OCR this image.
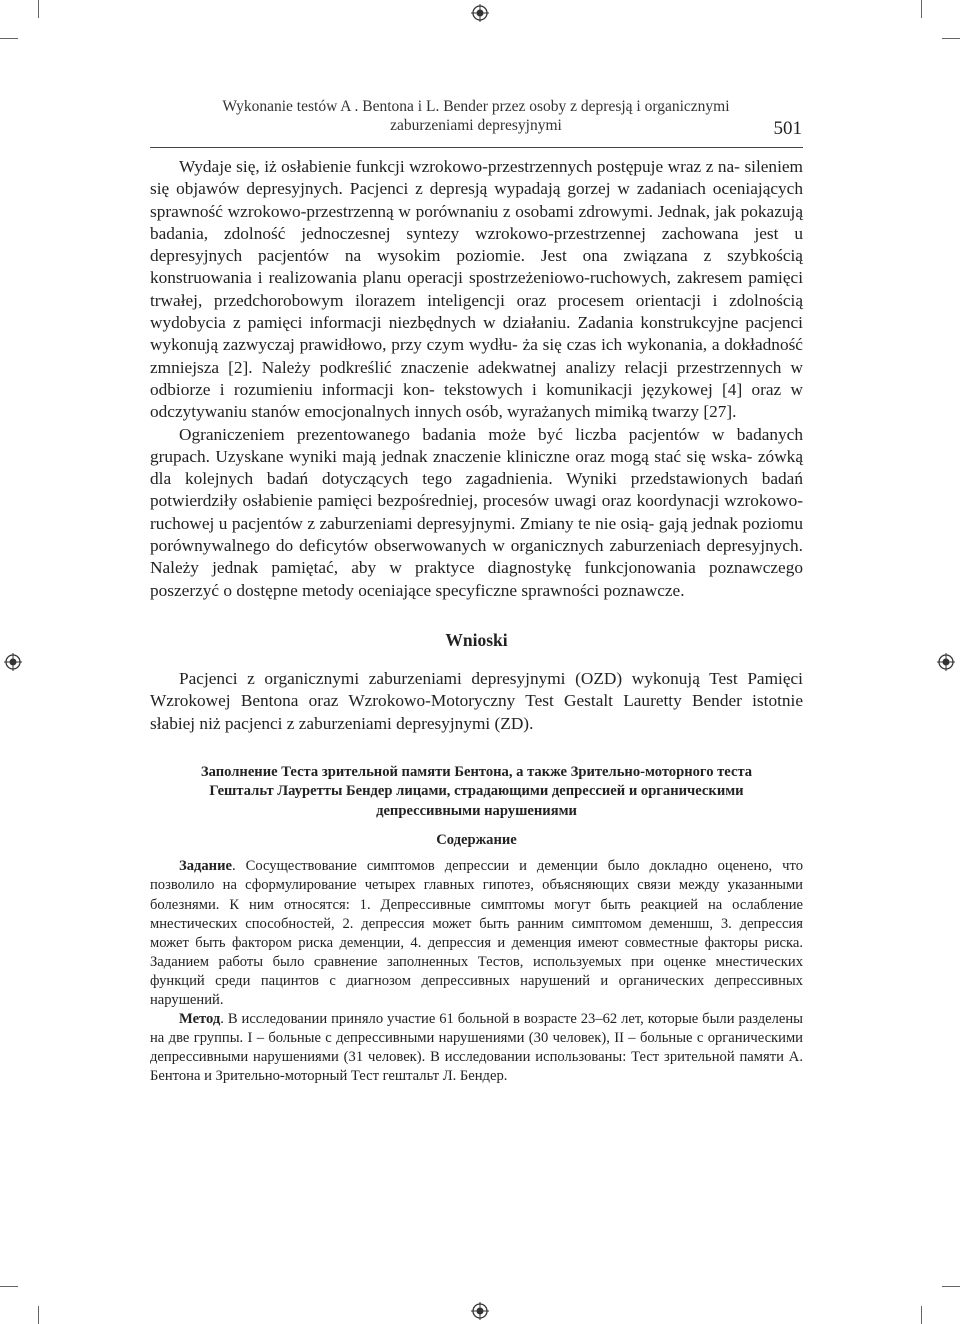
Wykonanie testów A . Bentona i L. Bender przez osoby z depresją i organicznymi
zaburzeniami depresyjnymi	501

Wydaje się, iż osłabienie funkcji wzrokowo-przestrzennych postępuje wraz z na- sileniem się objawów depresyjnych. Pacjenci z depresją wypadają gorzej w zadaniach oceniających sprawność wzrokowo-przestrzenną w porównaniu z osobami zdrowymi. Jednak, jak pokazują badania, zdolność jednoczesnej syntezy wzrokowo-przestrzennej zachowana jest u depresyjnych pacjentów na wysokim poziomie. Jest ona związana z szybkością konstruowania i realizowania planu operacji spostrzeżeniowo-ruchowych, zakresem pamięci trwałej, przedchorobowym ilorazem inteligencji oraz procesem orientacji i zdolnością wydobycia z pamięci informacji niezbędnych w działaniu. Zadania konstrukcyjne pacjenci wykonują zazwyczaj prawidłowo, przy czym wydłu- ża się czas ich wykonania, a dokładność zmniejsza [2]. Należy podkreślić znaczenie adekwatnej analizy relacji przestrzennych w odbiorze i rozumieniu informacji kon- tekstowych i komunikacji językowej [4] oraz w odczytywaniu stanów emocjonalnych innych osób, wyrażanych mimiką twarzy [27].

Ograniczeniem prezentowanego badania może być liczba pacjentów w badanych grupach. Uzyskane wyniki mają jednak znaczenie kliniczne oraz mogą stać się wska- zówką dla kolejnych badań dotyczących tego zagadnienia. Wyniki przedstawionych badań potwierdziły osłabienie pamięci bezpośredniej, procesów uwagi oraz koordynacji wzrokowo-ruchowej u pacjentów z zaburzeniami depresyjnymi. Zmiany te nie osią- gają jednak poziomu porównywalnego do deficytów obserwowanych w organicznych zaburzeniach depresyjnych. Należy jednak pamiętać, aby w praktyce diagnostykę funkcjonowania poznawczego poszerzyć o dostępne metody oceniające specyficzne sprawności poznawcze.

Wnioski

Pacjenci z organicznymi zaburzeniami depresyjnymi (OZD) wykonują Test Pamięci Wzrokowej Bentona oraz Wzrokowo-Motoryczny Test Gestalt Lauretty Bender istotnie słabiej niż pacjenci z zaburzeniami depresyjnymi (ZD).

Заполнение Теста зрительной памяти Бентона, а также Зрительно-моторного теста
Гештальт Лауретты Бендер лицами, страдающими депрессией и органическими
депрессивными нарушениями
Содержание

Задание. Сосуществование симптомов депрессии и деменции было докладно оценено, что позволило на сформулирование четырех главных гипотез, объясняющих связи между указанными болезнями. К ним относятся: 1. Депрессивные симптомы могут быть реакцией на ослабление мнестических способностей, 2. депрессия может быть ранним симптомом деменшш, 3. депрессия может быть фактором риска деменции, 4. депрессия и деменция имеют совместные факторы риска. Заданием работы было сравнение заполненных Тестов, используемых при оценке мнестических функций среди пацинтов с диагнозом депрессивных нарушений и органических депрессивных нарушений.

Метод. В исследовании приняло участие 61 больной в возрасте 23–62 лет, которые были разделены на две группы. I – больные с депрессивными нарушениями (30 человек), II – больные с органическими депрессивными нарушениями (31 человек). В исследовании использованы: Тест зрительной памяти А. Бентона и Зрительно-моторный Тест гештальт Л. Бендер.
